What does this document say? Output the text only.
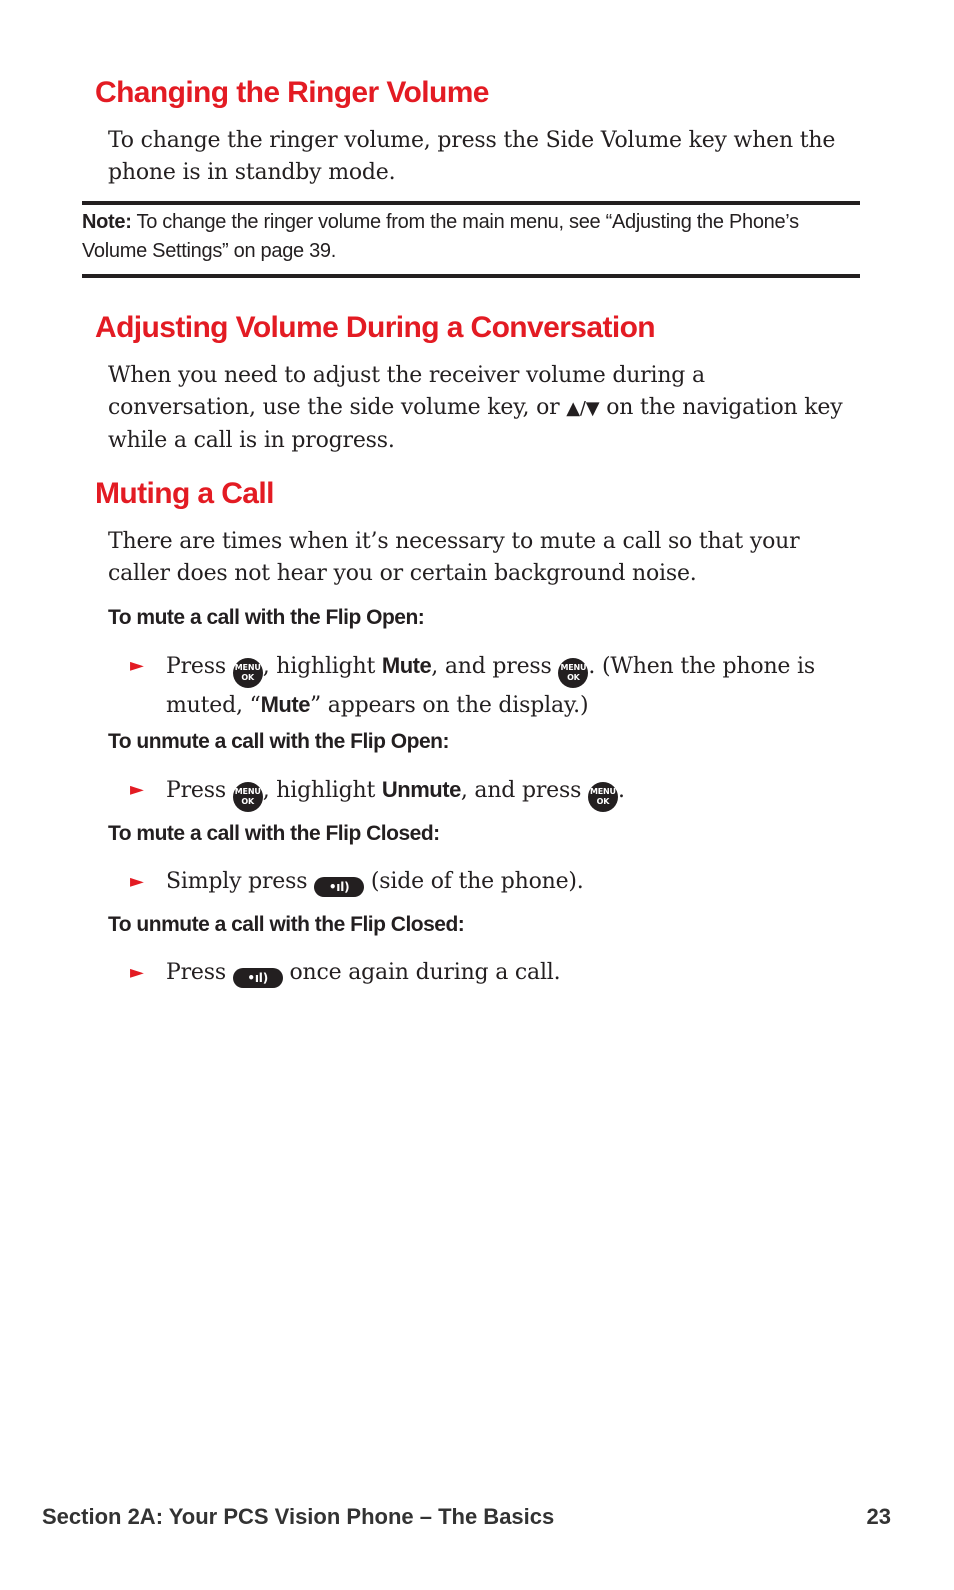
Changing the Ringer Volume

To change the ringer volume, press the Side Volume key when the phone is in standby mode.

Note: To change the ringer volume from the main menu, see “Adjusting the Phone’s Volume Settings” on page 39.

Adjusting Volume During a Conversation

When you need to adjust the receiver volume during a conversation, use the side volume key, or ▲/▼ on the navigation key while a call is in progress.

Muting a Call

There are times when it’s necessary to mute a call so that your caller does not hear you or certain background noise.

To mute a call with the Flip Open:

► Press MENU
OK , highlight Mute, and press MENU
OK . (When the phone is muted, “Mute” appears on the display.)

To unmute a call with the Flip Open:

► Press MENU
OK , highlight Unmute, and press MENU
OK .

To mute a call with the Flip Closed:

► Simply press •ıl) (side of the phone).

To unmute a call with the Flip Closed:

► Press •ıl) once again during a call.
Section 2A: Your PCS Vision Phone – The Basics	23
